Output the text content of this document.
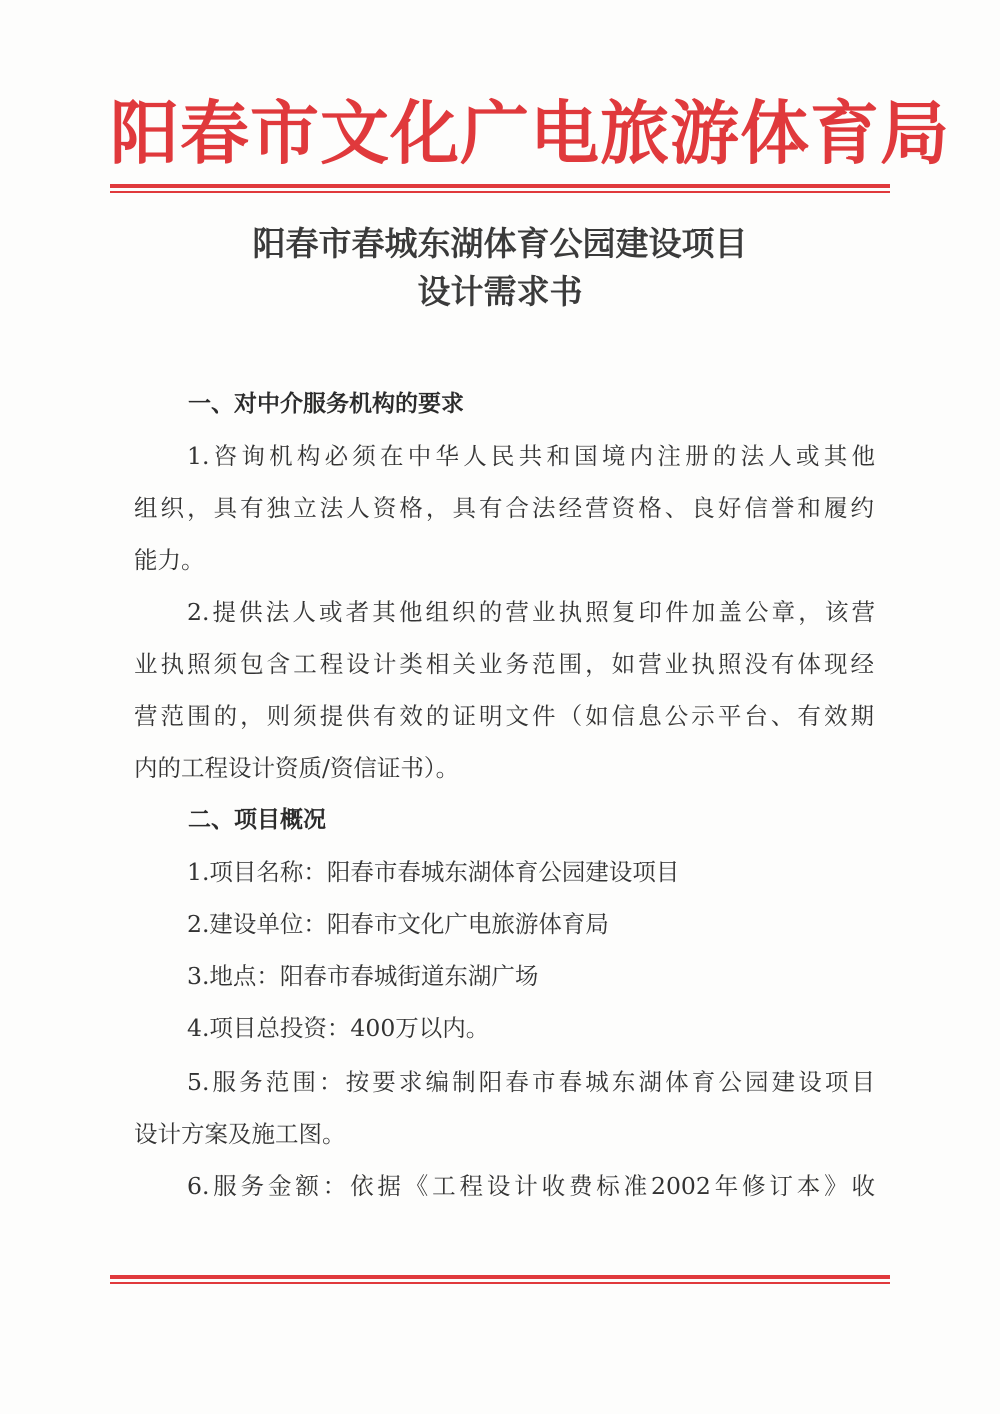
阳春市文化广电旅游体育局
阳春市春城东湖体育公园建设项目
设计需求书
一、对中介服务机构的要求
1.咨询机构必须在中华人民共和国境内注册的法人或其他
组织，具有独立法人资格，具有合法经营资格、良好信誉和履约
能力。
2.提供法人或者其他组织的营业执照复印件加盖公章，该营
业执照须包含工程设计类相关业务范围，如营业执照没有体现经
营范围的，则须提供有效的证明文件（如信息公示平台、有效期
内的工程设计资质/资信证书）。
二、项目概况
1.项目名称：阳春市春城东湖体育公园建设项目
2.建设单位：阳春市文化广电旅游体育局
3.地点：阳春市春城街道东湖广场
4.项目总投资：400万以内。
5.服务范围：按要求编制阳春市春城东湖体育公园建设项目
设计方案及施工图。
6.服务金额：依据《工程设计收费标准2002年修订本》收
